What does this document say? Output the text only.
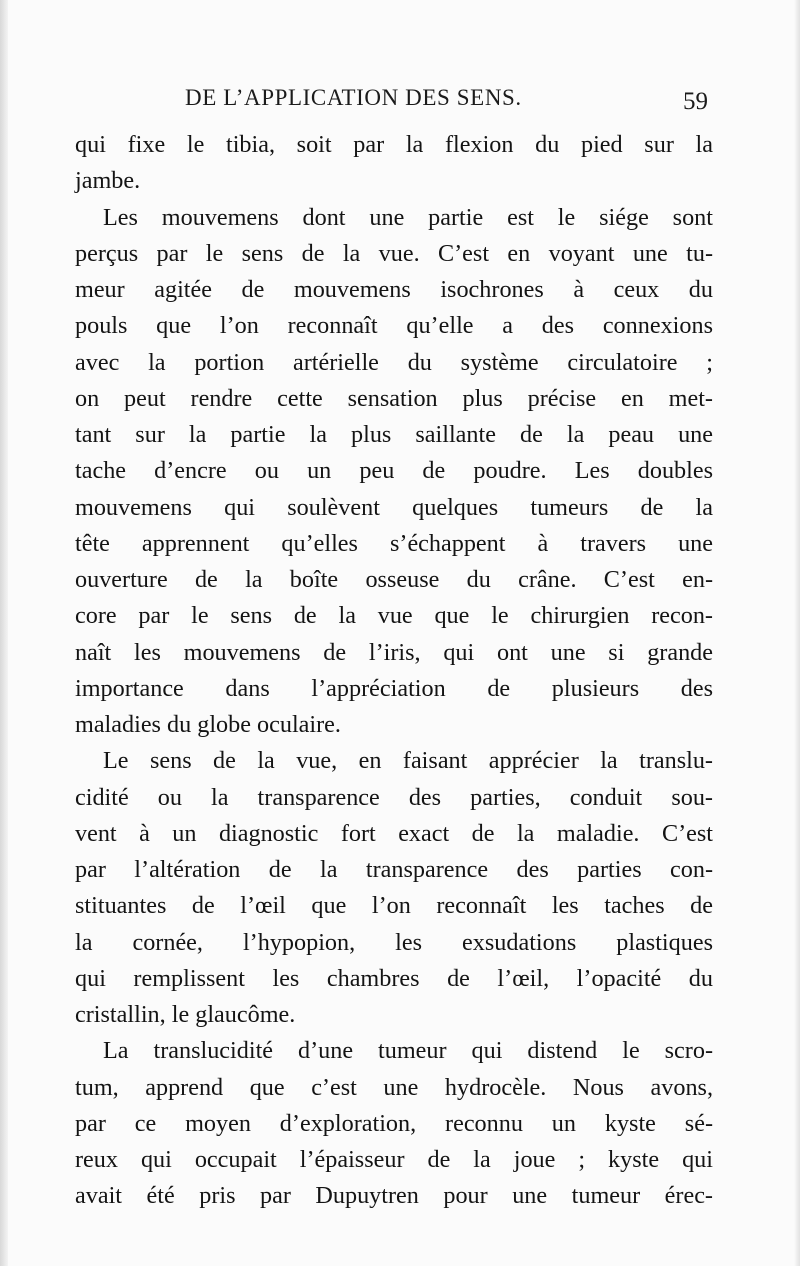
DE L’APPLICATION DES SENS.	59
qui fixe le tibia, soit par la flexion du pied sur la
jambe.
Les mouvemens dont une partie est le siége sont
perçus par le sens de la vue. C’est en voyant une tu-
meur agitée de mouvemens isochrones à ceux du
pouls que l’on reconnaît qu’elle a des connexions
avec la portion artérielle du système circulatoire ;
on peut rendre cette sensation plus précise en met-
tant sur la partie la plus saillante de la peau une
tache d’encre ou un peu de poudre. Les doubles
mouvemens qui soulèvent quelques tumeurs de la
tête apprennent qu’elles s’échappent à travers une
ouverture de la boîte osseuse du crâne. C’est en-
core par le sens de la vue que le chirurgien recon-
naît les mouvemens de l’iris, qui ont une si grande
importance dans l’appréciation de plusieurs des
maladies du globe oculaire.
Le sens de la vue, en faisant apprécier la translu-
cidité ou la transparence des parties, conduit sou-
vent à un diagnostic fort exact de la maladie. C’est
par l’altération de la transparence des parties con-
stituantes de l’œil que l’on reconnaît les taches de
la cornée, l’hypopion, les exsudations plastiques
qui remplissent les chambres de l’œil, l’opacité du
cristallin, le glaucôme.
La translucidité d’une tumeur qui distend le scro-
tum, apprend que c’est une hydrocèle. Nous avons,
par ce moyen d’exploration, reconnu un kyste sé-
reux qui occupait l’épaisseur de la joue ; kyste qui
avait été pris par Dupuytren pour une tumeur érec-
